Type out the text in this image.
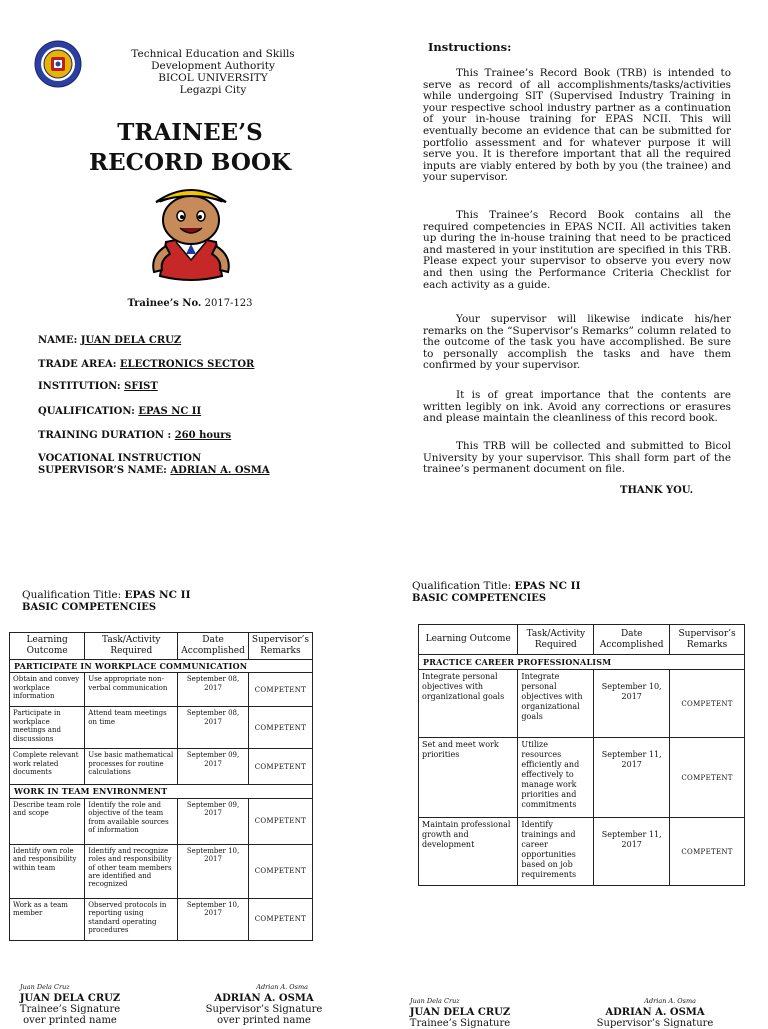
Technical Education and Skills Development Authority
BICOL UNIVERSITY
Legazpi City
TRAINEE’S
RECORD BOOK
Trainee’s No. 2017-123
NAME: JUAN DELA CRUZ
TRADE AREA: ELECTRONICS SECTOR
INSTITUTION: SFIST
QUALIFICATION: EPAS NC II
TRAINING DURATION : 260 hours
VOCATIONAL INSTRUCTION
SUPERVISOR’S NAME: ADRIAN A. OSMA
Instructions:
This Trainee’s Record Book (TRB) is intended to serve as record of all accomplishments/tasks/activities while undergoing SIT (Supervised Industry Training in your respective school industry partner as a continuation of your in-house training for EPAS NCII. This will eventually become an evidence that can be submitted for portfolio assessment and for whatever purpose it will serve you. It is therefore important that all the required inputs are viably entered by both by you (the trainee) and your supervisor.
This Trainee’s Record Book contains all the required competencies in EPAS NCII. All activities taken up during the in-house training that need to be practiced and mastered in your institution are specified in this TRB. Please expect your supervisor to observe you every now and then using the Performance Criteria Checklist for each activity as a guide.
Your supervisor will likewise indicate his/her remarks on the “Supervisor’s Remarks” column related to the outcome of the task you have accomplished. Be sure to personally accomplish the tasks and have them confirmed by your supervisor.
It is of great importance that the contents are written legibly on ink. Avoid any corrections or erasures and please maintain the cleanliness of this record book.
This TRB will be collected and submitted to Bicol University by your supervisor. This shall form part of the trainee’s permanent document on file.
THANK YOU.
Qualification Title: EPAS NC II
BASIC COMPETENCIES
Learning Outcome	Task/Activity Required	Date Accomplished	Supervisor’s Remarks
PARTICIPATE IN WORKPLACE COMMUNICATION			
Obtain and convey workplace information	Use appropriate non-verbal communication	September 08, 2017	COMPETENT
Participate in workplace meetings and discussions	Attend team meetings on time	September 08, 2017	COMPETENT
Complete relevant work related documents	Use basic mathematical processes for routine calculations	September 09, 2017	COMPETENT
WORK IN TEAM ENVIRONMENT			
Describe team role and scope	Identify the role and objective of the team from available sources of information	September 09, 2017	COMPETENT
Identify own role and responsibility within team	Identify and recognize roles and responsibility of other team members are identified and recognized	September 10, 2017	COMPETENT
Work as a team member	Observed protocols in reporting using standard operating procedures	September 10, 2017	COMPETENT
Juan Dela Cruz
JUAN DELA CRUZ
Trainee’s Signature
over printed name
Adrian A. Osma
ADRIAN A. OSMA
Supervisor’s Signature
over printed name
Qualification Title: EPAS NC II
BASIC COMPETENCIES
Learning Outcome	Task/Activity Required	Date Accomplished	Supervisor’s Remarks
PRACTICE CAREER PROFESSIONALISM			
Integrate personal objectives with organizational goals	Integrate personal objectives with organizational goals	September 10, 2017	COMPETENT
Set and meet work priorities	Utilize resources efficiently and effectively to manage work priorities and commitments	September 11, 2017	COMPETENT
Maintain professional growth and development	Identify trainings and career opportunities based on job requirements	September 11, 2017	COMPETENT
Juan Dela Cruz
JUAN DELA CRUZ
Trainee’s Signature
Adrian A. Osma
ADRIAN A. OSMA
Supervisor’s Signature
